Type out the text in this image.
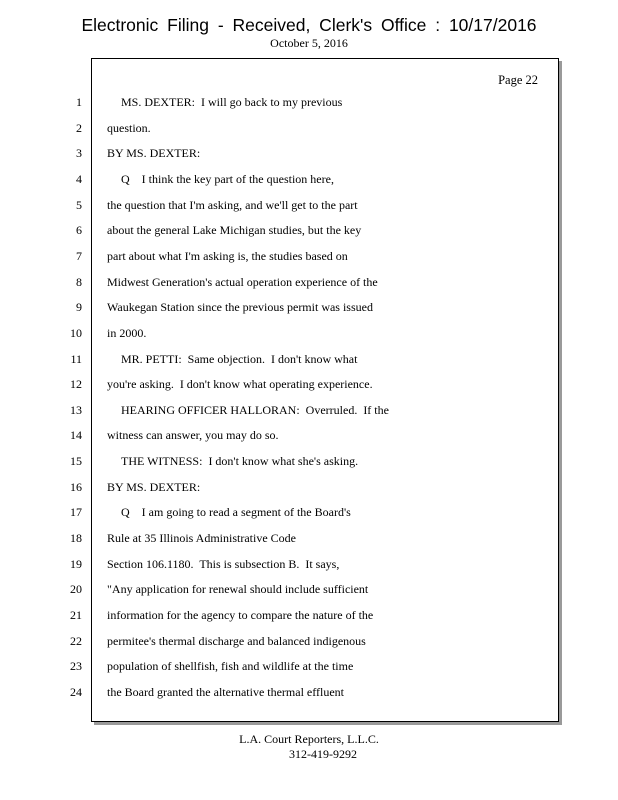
Electronic Filing - Received, Clerk's Office : 10/17/2016
October 5, 2016
Page 22
1	MS. DEXTER:  I will go back to my previous
2 question.
3 BY MS. DEXTER:
4	Q    I think the key part of the question here,
5 the question that I'm asking, and we'll get to the part
6 about the general Lake Michigan studies, but the key
7 part about what I'm asking is, the studies based on
8 Midwest Generation's actual operation experience of the
9 Waukegan Station since the previous permit was issued
10 in 2000.
11	MR. PETTI:  Same objection.  I don't know what
12 you're asking.  I don't know what operating experience.
13	HEARING OFFICER HALLORAN:  Overruled.  If the
14 witness can answer, you may do so.
15	THE WITNESS:  I don't know what she's asking.
16 BY MS. DEXTER:
17	Q    I am going to read a segment of the Board's
18 Rule at 35 Illinois Administrative Code
19 Section 106.1180.  This is subsection B.  It says,
20 "Any application for renewal should include sufficient
21 information for the agency to compare the nature of the
22 permitee's thermal discharge and balanced indigenous
23 population of shellfish, fish and wildlife at the time
24 the Board granted the alternative thermal effluent
L.A. Court Reporters, L.L.C.
312-419-9292
